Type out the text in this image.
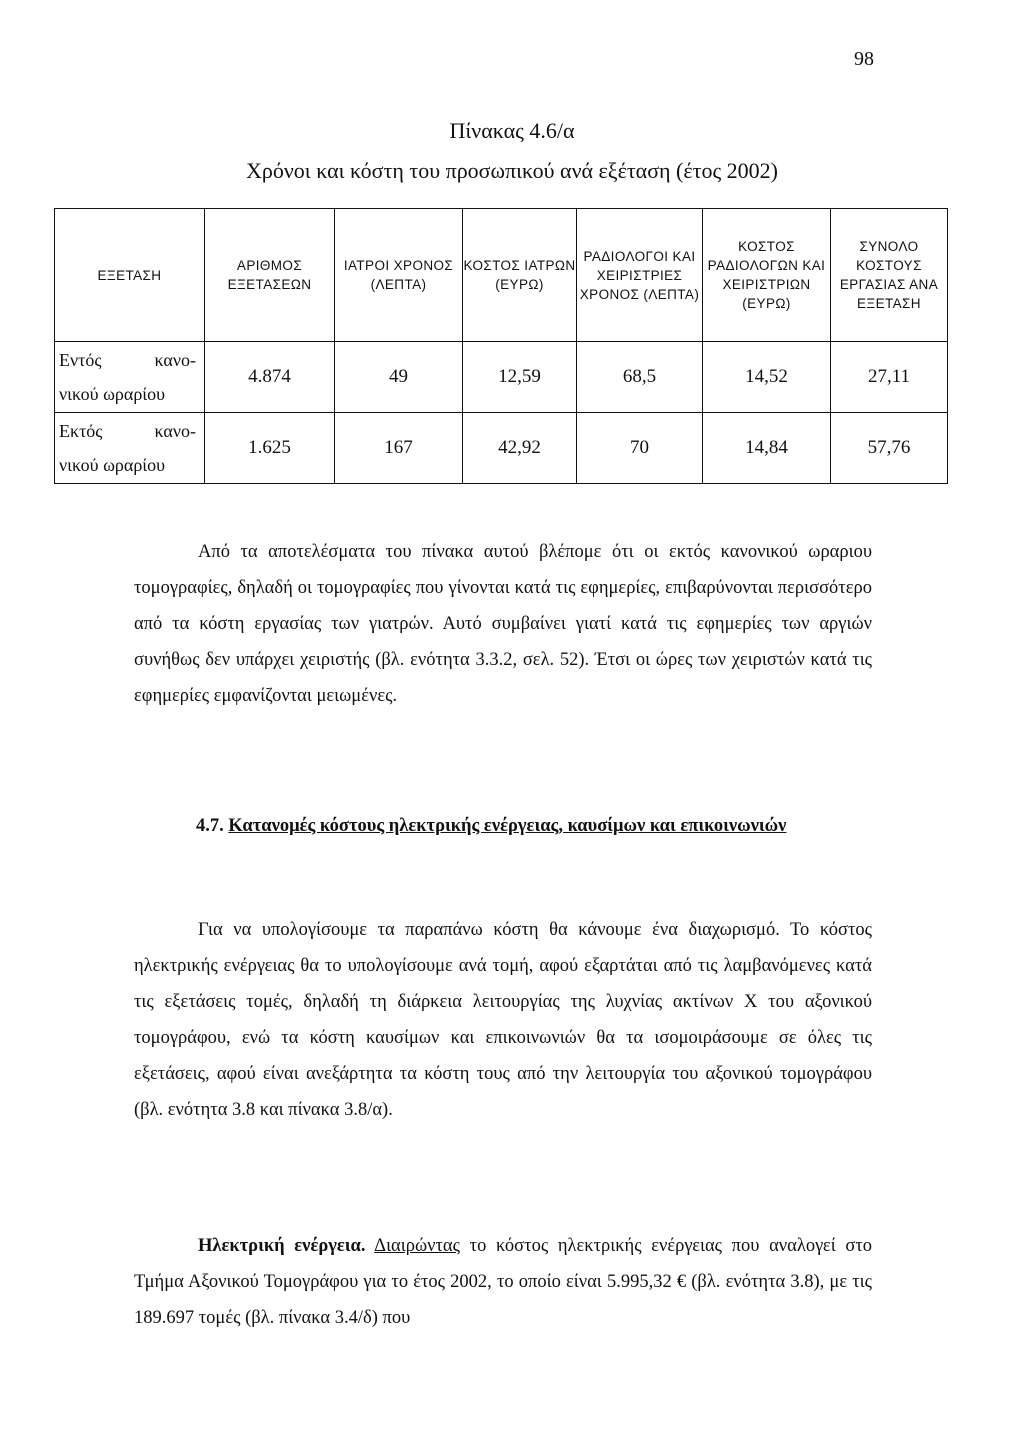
98
Πίνακας 4.6/α
Χρόνοι και κόστη του προσωπικού ανά εξέταση (έτος 2002)
ΕΞΕΤΑΣΗ	ΑΡΙΘΜΟΣ ΕΞΕΤΑΣΕΩΝ	ΙΑΤΡΟΙ ΧΡΟΝΟΣ (ΛΕΠΤΑ)	ΚΟΣΤΟΣ ΙΑΤΡΩΝ (ΕΥΡΩ)	ΡΑΔΙΟΛΟΓΟΙ ΚΑΙ ΧΕΙΡΙΣΤΡΙΕΣ ΧΡΟΝΟΣ (ΛΕΠΤΑ)	ΚΟΣΤΟΣ ΡΑΔΙΟΛΟΓΩΝ ΚΑΙ ΧΕΙΡΙΣΤΡΙΩΝ (ΕΥΡΩ)	ΣΥΝΟΛΟ ΚΟΣΤΟΥΣ ΕΡΓΑΣΙΑΣ ΑΝΑ ΕΞΕΤΑΣΗ

Εντός κανο-
νικού ωραρίου	4.874	49	12,59	68,5	14,52	27,11

Εκτός κανο-
νικού ωραρίου	1.625	167	42,92	70	14,84	57,76

Από τα αποτελέσματα του πίνακα αυτού βλέπομε ότι οι εκτός κανονικού ωραριου τομογραφίες, δηλαδή οι τομογραφίες που γίνονται κατά τις εφημερίες, επιβαρύνονται περισσότερο από τα κόστη εργασίας των γιατρών. Αυτό συμβαίνει γιατί κατά τις εφημερίες των αργιών συνήθως δεν υπάρχει χειριστής (βλ. ενότητα 3.3.2, σελ. 52). Έτσι οι ώρες των χειριστών κατά τις εφημερίες εμφανίζονται μειωμένες.

4.7. Κατανομές κόστους ηλεκτρικής ενέργειας, καυσίμων και επικοινωνιών

Για να υπολογίσουμε τα παραπάνω κόστη θα κάνουμε ένα διαχωρισμό. Το κόστος ηλεκτρικής ενέργειας θα το υπολογίσουμε ανά τομή, αφού εξαρτάται από τις λαμβανόμενες κατά τις εξετάσεις τομές, δηλαδή τη διάρκεια λειτουργίας της λυχνίας ακτίνων Χ του αξονικού τομογράφου, ενώ τα κόστη καυσίμων και επικοινωνιών θα τα ισομοιράσουμε σε όλες τις εξετάσεις, αφού είναι ανεξάρτητα τα κόστη τους από την λειτουργία του αξονικού τομογράφου (βλ. ενότητα 3.8 και πίνακα 3.8/α).

Ηλεκτρική ενέργεια. Διαιρώντας το κόστος ηλεκτρικής ενέργειας που αναλογεί στο Τμήμα Αξονικού Τομογράφου για το έτος 2002, το οποίο είναι 5.995,32 € (βλ. ενότητα 3.8), με τις 189.697 τομές (βλ. πίνακα 3.4/δ) που
